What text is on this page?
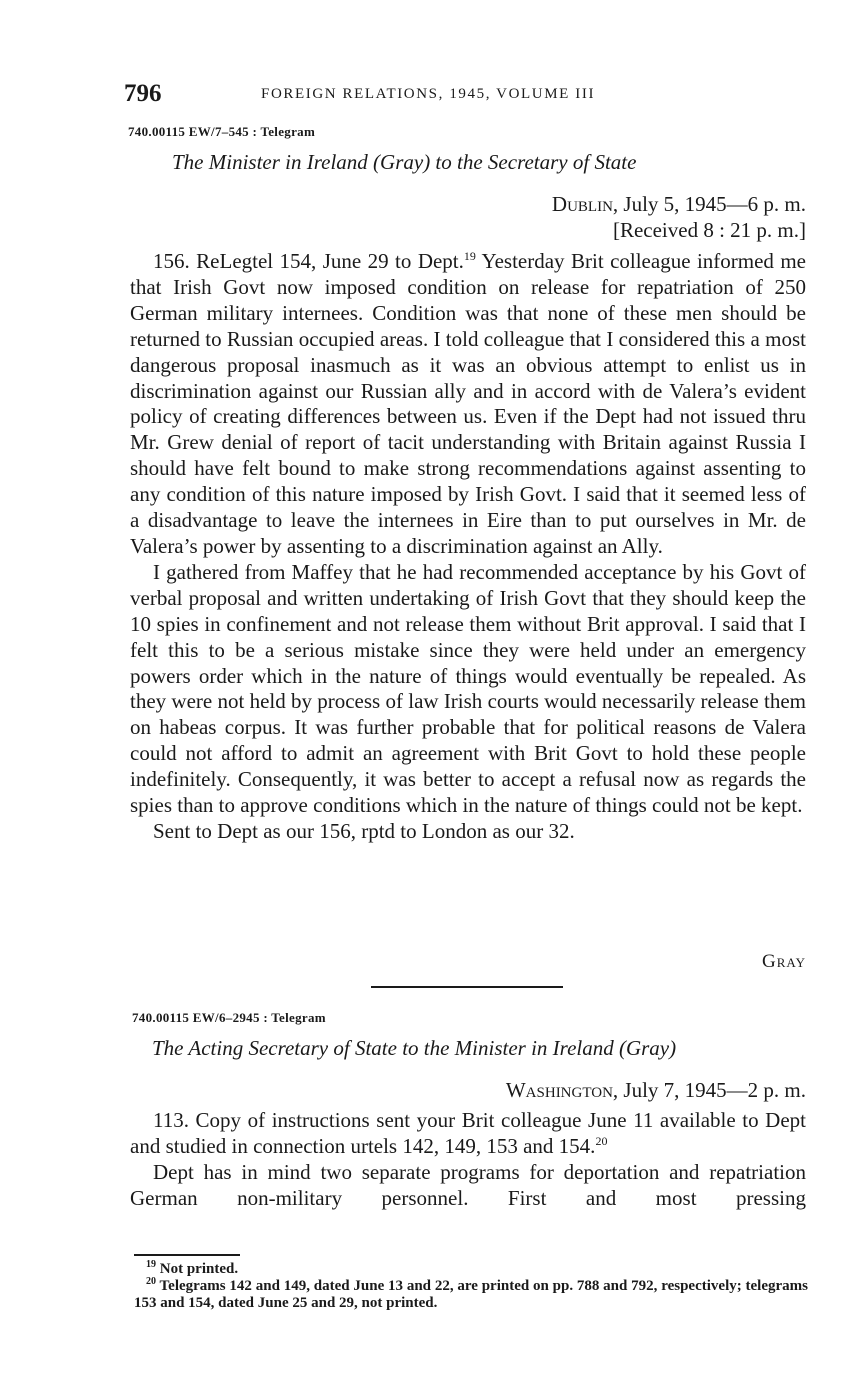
796	FOREIGN RELATIONS, 1945, VOLUME III
740.00115 EW/7–545 : Telegram
The Minister in Ireland (Gray) to the Secretary of State
Dublin, July 5, 1945—6 p. m.
[Received 8 : 21 p. m.]

156. ReLegtel 154, June 29 to Dept.$^{19}$ Yesterday Brit colleague informed me that Irish Govt now imposed condition on release for repatriation of 250 German military internees. Condition was that none of these men should be returned to Russian occupied areas. I told colleague that I considered this a most dangerous proposal inasmuch as it was an obvious attempt to enlist us in discrimination against our Russian ally and in accord with de Valera’s evident policy of creating differences between us. Even if the Dept had not issued thru Mr. Grew denial of report of tacit understanding with Britain against Russia I should have felt bound to make strong recommendations against assenting to any condition of this nature imposed by Irish Govt. I said that it seemed less of a disadvantage to leave the internees in Eire than to put ourselves in Mr. de Valera’s power by assenting to a discrimination against an Ally.

I gathered from Maffey that he had recommended acceptance by his Govt of verbal proposal and written undertaking of Irish Govt that they should keep the 10 spies in confinement and not release them without Brit approval. I said that I felt this to be a serious mistake since they were held under an emergency powers order which in the nature of things would eventually be repealed. As they were not held by process of law Irish courts would necessarily release them on habeas corpus. It was further probable that for political reasons de Valera could not afford to admit an agreement with Brit Govt to hold these people indefinitely. Consequently, it was better to accept a refusal now as regards the spies than to approve conditions which in the nature of things could not be kept.

Sent to Dept as our 156, rptd to London as our 32.

Gray
740.00115 EW/6–2945 : Telegram
The Acting Secretary of State to the Minister in Ireland (Gray)
Washington, July 7, 1945—2 p. m.

113. Copy of instructions sent your Brit colleague June 11 available to Dept and studied in connection urtels 142, 149, 153 and 154.20

Dept has in mind two separate programs for deportation and repatriation German non-military personnel. First and most pressing

$^{19}$ Not printed.

$^{20}$ Telegrams 142 and 149, dated June 13 and 22, are printed on pp. 788 and 792, respectively; telegrams 153 and 154, dated June 25 and 29, not printed.
